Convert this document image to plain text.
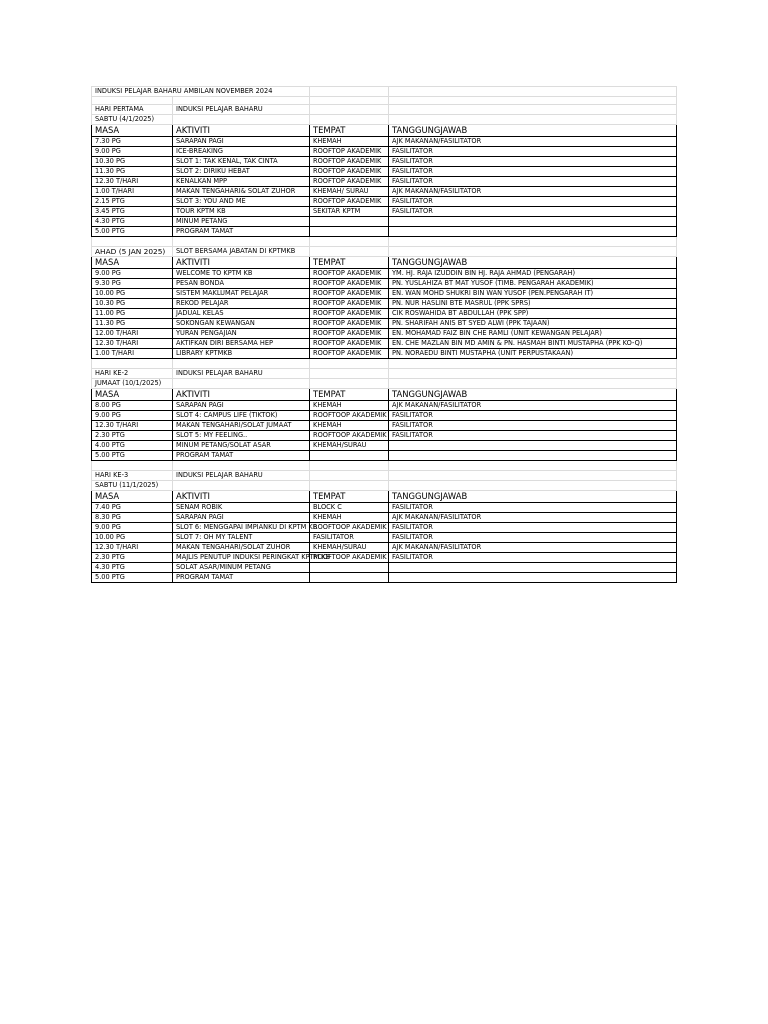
INDUKSI PELAJAR BAHARU AMBILAN NOVEMBER 2024			

HARI PERTAMA	INDUKSI PELAJAR BAHARU		
SABTU (4/1/2025)			
MASA	AKTIVITI	TEMPAT	TANGGUNGJAWAB
7.30 PG	SARAPAN PAGI	KHEMAH	AJK MAKANAN/FASILITATOR
9.00 PG	ICE-BREAKING	ROOFTOP AKADEMIK	FASILITATOR
10.30 PG	SLOT 1: TAK KENAL, TAK CINTA	ROOFTOP AKADEMIK	FASILITATOR
11.30 PG	SLOT 2: DIRIKU HEBAT	ROOFTOP AKADEMIK	FASILITATOR
12.30 T/HARI	KENALKAN MPP	ROOFTOP AKADEMIK	FASILITATOR
1.00 T/HARI	MAKAN TENGAHARI& SOLAT ZUHOR	KHEMAH/ SURAU	AJK MAKANAN/FASILITATOR
2.15 PTG	SLOT 3: YOU AND ME	ROOFTOP AKADEMIK	FASILITATOR
3.45 PTG	TOUR KPTM KB	SEKITAR KPTM	FASILITATOR
4.30 PTG	MINUM PETANG		
5.00 PTG	PROGRAM TAMAT		

AHAD (5 JAN 2025)	SLOT BERSAMA JABATAN DI KPTMKB		
MASA	AKTIVITI	TEMPAT	TANGGUNGJAWAB
9.00 PG	WELCOME TO KPTM KB	ROOFTOP AKADEMIK	YM. HJ. RAJA IZUDDIN BIN HJ. RAJA AHMAD (PENGARAH)
9.30 PG	PESAN BONDA	ROOFTOP AKADEMIK	PN. YUSLAHIZA BT MAT YUSOF (TIMB. PENGARAH AKADEMIK)
10.00 PG	SISTEM MAKLUMAT PELAJAR	ROOFTOP AKADEMIK	EN. WAN MOHD SHUKRI BIN WAN YUSOF (PEN.PENGARAH IT)
10.30 PG	REKOD PELAJAR	ROOFTOP AKADEMIK	PN. NUR HASLINI BTE MASRUL (PPK SPRS)
11.00 PG	JADUAL KELAS	ROOFTOP AKADEMIK	CIK ROSWAHIDA BT ABDULLAH (PPK SPP)
11.30 PG	SOKONGAN KEWANGAN	ROOFTOP AKADEMIK	PN. SHARIFAH ANIS BT SYED ALWI (PPK TAJAAN)
12.00 T/HARI	YURAN PENGAJIAN	ROOFTOP AKADEMIK	EN. MOHAMAD FAIZ BIN CHE RAMLI (UNIT KEWANGAN PELAJAR)
12.30 T/HARI	AKTIFKAN DIRI BERSAMA HEP	ROOFTOP AKADEMIK	EN. CHE MAZLAN BIN MD AMIN & PN. HASMAH BINTI MUSTAPHA (PPK KO-Q)
1.00 T/HARI	LIBRARY KPTMKB	ROOFTOP AKADEMIK	PN. NORAEDU BINTI MUSTAPHA (UNIT PERPUSTAKAAN)

HARI KE-2	INDUKSI PELAJAR BAHARU		
JUMAAT (10/1/2025)			
MASA	AKTIVITI	TEMPAT	TANGGUNGJAWAB
8.00 PG	SARAPAN PAGI	KHEMAH	AJK MAKANAN/FASILITATOR
9.00 PG	SLOT 4: CAMPUS LIFE (TIKTOK)	ROOFTOOP AKADEMIK	FASILITATOR
12.30 T/HARI	MAKAN TENGAHARI/SOLAT JUMAAT	KHEMAH	FASILITATOR
2.30 PTG	SLOT 5: MY FEELING..	ROOFTOOP AKADEMIK	FASILITATOR
4.00 PTG	MINUM PETANG/SOLAT ASAR	KHEMAH/SURAU	
5.00 PTG	PROGRAM TAMAT		

HARI KE-3	INDUKSI PELAJAR BAHARU		
SABTU (11/1/2025)			
MASA	AKTIVITI	TEMPAT	TANGGUNGJAWAB
7.40 PG	SENAM ROBIK	BLOCK C	FASILITATOR
8.30 PG	SARAPAN PAGI	KHEMAH	AJK MAKANAN/FASILITATOR
9.00 PG	SLOT 6: MENGGAPAI IMPIANKU DI KPTM KB	ROOFTOOP AKADEMIK	FASILITATOR
10.00 PG	SLOT 7: OH MY TALENT	FASILITATOR	FASILITATOR
12.30 T/HARI	MAKAN TENGAHARI/SOLAT ZUHOR	KHEMAH/SURAU	AJK MAKANAN/FASILITATOR
2.30 PTG	MAJLIS PENUTUP INDUKSI PERINGKAT KPTM KB	ROOFTOOP AKADEMIK	FASILITATOR
4.30 PTG	SOLAT ASAR/MINUM PETANG		
5.00 PTG	PROGRAM TAMAT		
